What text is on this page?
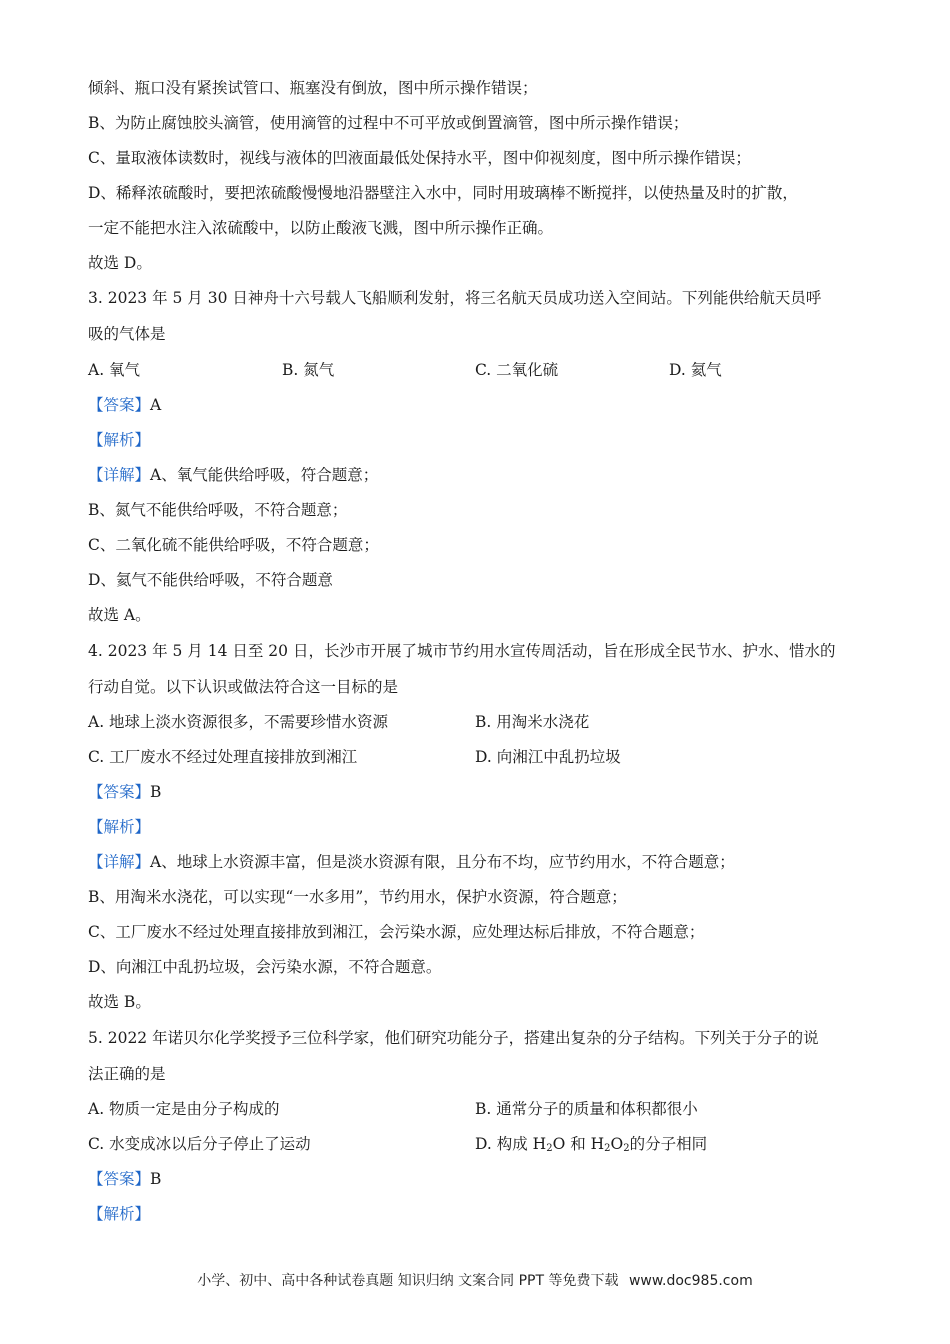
倾斜、瓶口没有紧挨试管口、瓶塞没有倒放，图中所示操作错误；
B、为防止腐蚀胶头滴管，使用滴管的过程中不可平放或倒置滴管，图中所示操作错误；
C、量取液体读数时，视线与液体的凹液面最低处保持水平，图中仰视刻度，图中所示操作错误；
D、稀释浓硫酸时，要把浓硫酸慢慢地沿器壁注入水中，同时用玻璃棒不断搅拌，以使热量及时的扩散，
一定不能把水注入浓硫酸中，以防止酸液飞溅，图中所示操作正确。
故选 D。
3. 2023 年 5 月 30 日神舟十六号载人飞船顺利发射，将三名航天员成功送入空间站。下列能供给航天员呼
吸的气体是
A. 氧气	B. 氮气	C. 二氧化硫	D. 氦气
【答案】A
【解析】
【详解】A、氧气能供给呼吸，符合题意；
B、氮气不能供给呼吸，不符合题意；
C、二氧化硫不能供给呼吸，不符合题意；
D、氦气不能供给呼吸，不符合题意
故选 A。
4. 2023 年 5 月 14 日至 20 日，长沙市开展了城市节约用水宣传周活动，旨在形成全民节水、护水、惜水的
行动自觉。以下认识或做法符合这一目标的是
A. 地球上淡水资源很多，不需要珍惜水资源	B. 用淘米水浇花
C. 工厂废水不经过处理直接排放到湘江	D. 向湘江中乱扔垃圾
【答案】B
【解析】
【详解】A、地球上水资源丰富，但是淡水资源有限，且分布不均，应节约用水，不符合题意；
B、用淘米水浇花，可以实现“一水多用”，节约用水，保护水资源，符合题意；
C、工厂废水不经过处理直接排放到湘江，会污染水源，应处理达标后排放，不符合题意；
D、向湘江中乱扔垃圾，会污染水源，不符合题意。
故选 B。
5. 2022 年诺贝尔化学奖授予三位科学家，他们研究功能分子，搭建出复杂的分子结构。下列关于分子的说
法正确的是
A. 物质一定是由分子构成的	B. 通常分子的质量和体积都很小
C. 水变成冰以后分子停止了运动	D. 构成 $H_2O$ 和 $H_2O_2$的分子相同
【答案】B
【解析】
小学、初中、高中各种试卷真题 知识归纳 文案合同 PPT 等免费下载 www.doc985.com
